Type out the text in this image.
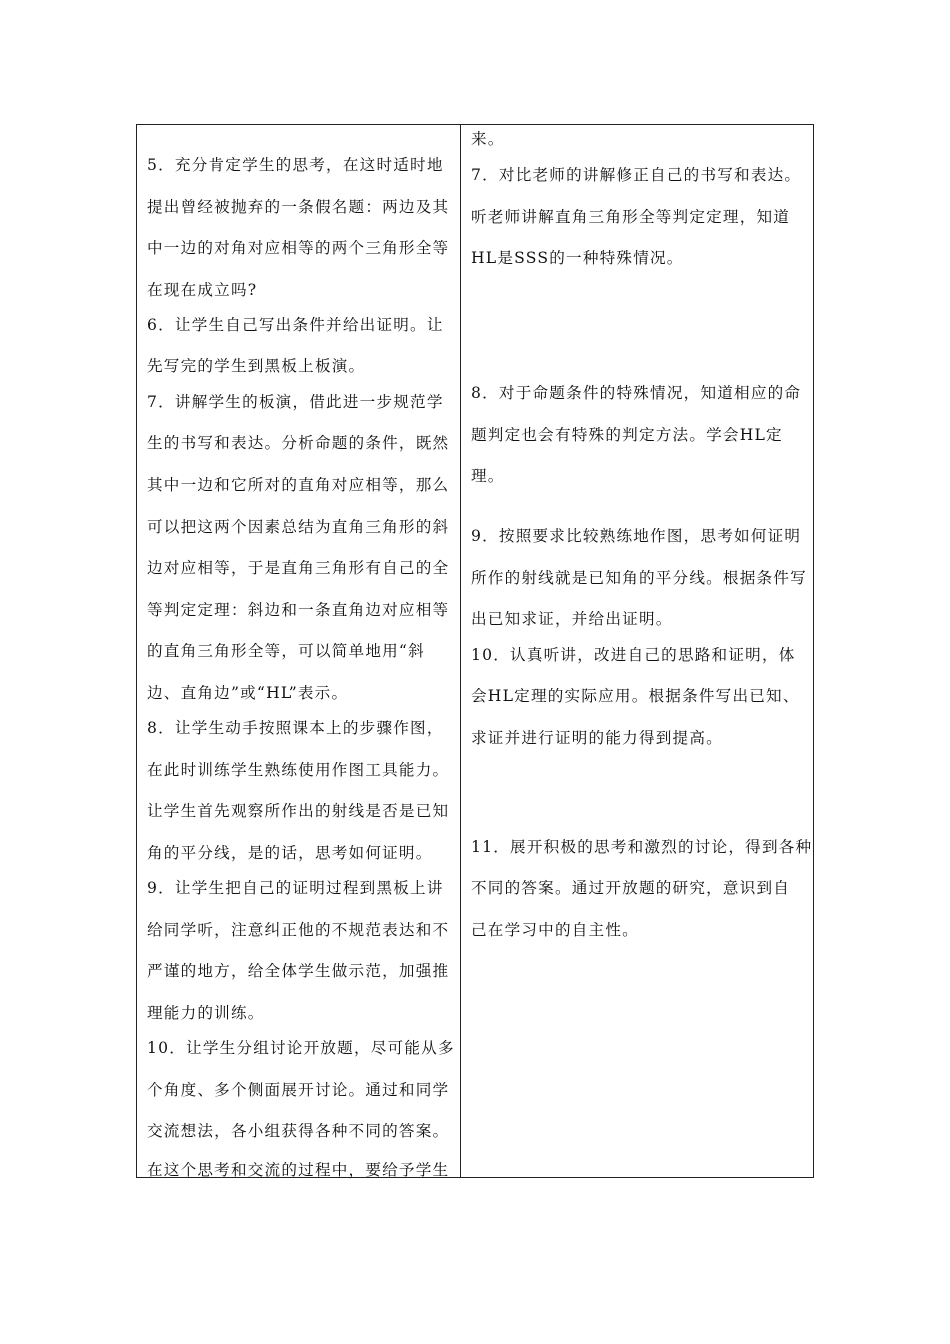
5．充分肯定学生的思考，在这时适时地
提出曾经被抛弃的一条假名题：两边及其
中一边的对角对应相等的两个三角形全等
在现在成立吗?
6．让学生自己写出条件并给出证明。让
先写完的学生到黑板上板演。
7．讲解学生的板演，借此进一步规范学
生的书写和表达。分析命题的条件，既然
其中一边和它所对的直角对应相等，那么
可以把这两个因素总结为直角三角形的斜
边对应相等，于是直角三角形有自己的全
等判定定理：斜边和一条直角边对应相等
的直角三角形全等，可以简单地用“斜
边、直角边”或“HL”表示。
8．让学生动手按照课本上的步骤作图，
在此时训练学生熟练使用作图工具能力。
让学生首先观察所作出的射线是否是已知
角的平分线，是的话，思考如何证明。
9．让学生把自己的证明过程到黑板上讲
给同学听，注意纠正他的不规范表达和不
严谨的地方，给全体学生做示范，加强推
理能力的训练。
10．让学生分组讨论开放题，尽可能从多
个角度、多个侧面展开讨论。通过和同学
交流想法，各小组获得各种不同的答案。
在这个思考和交流的过程中，要给予学生
来。
7．对比老师的讲解修正自己的书写和表达。
听老师讲解直角三角形全等判定定理，知道
HL是SSS的一种特殊情况。
8．对于命题条件的特殊情况，知道相应的命
题判定也会有特殊的判定方法。学会HL定
理。
9．按照要求比较熟练地作图，思考如何证明
所作的射线就是已知角的平分线。根据条件写
出已知求证，并给出证明。
10．认真听讲，改进自己的思路和证明，体
会HL定理的实际应用。根据条件写出已知、
求证并进行证明的能力得到提高。
11．展开积极的思考和激烈的讨论，得到各种
不同的答案。通过开放题的研究，意识到自
己在学习中的自主性。
